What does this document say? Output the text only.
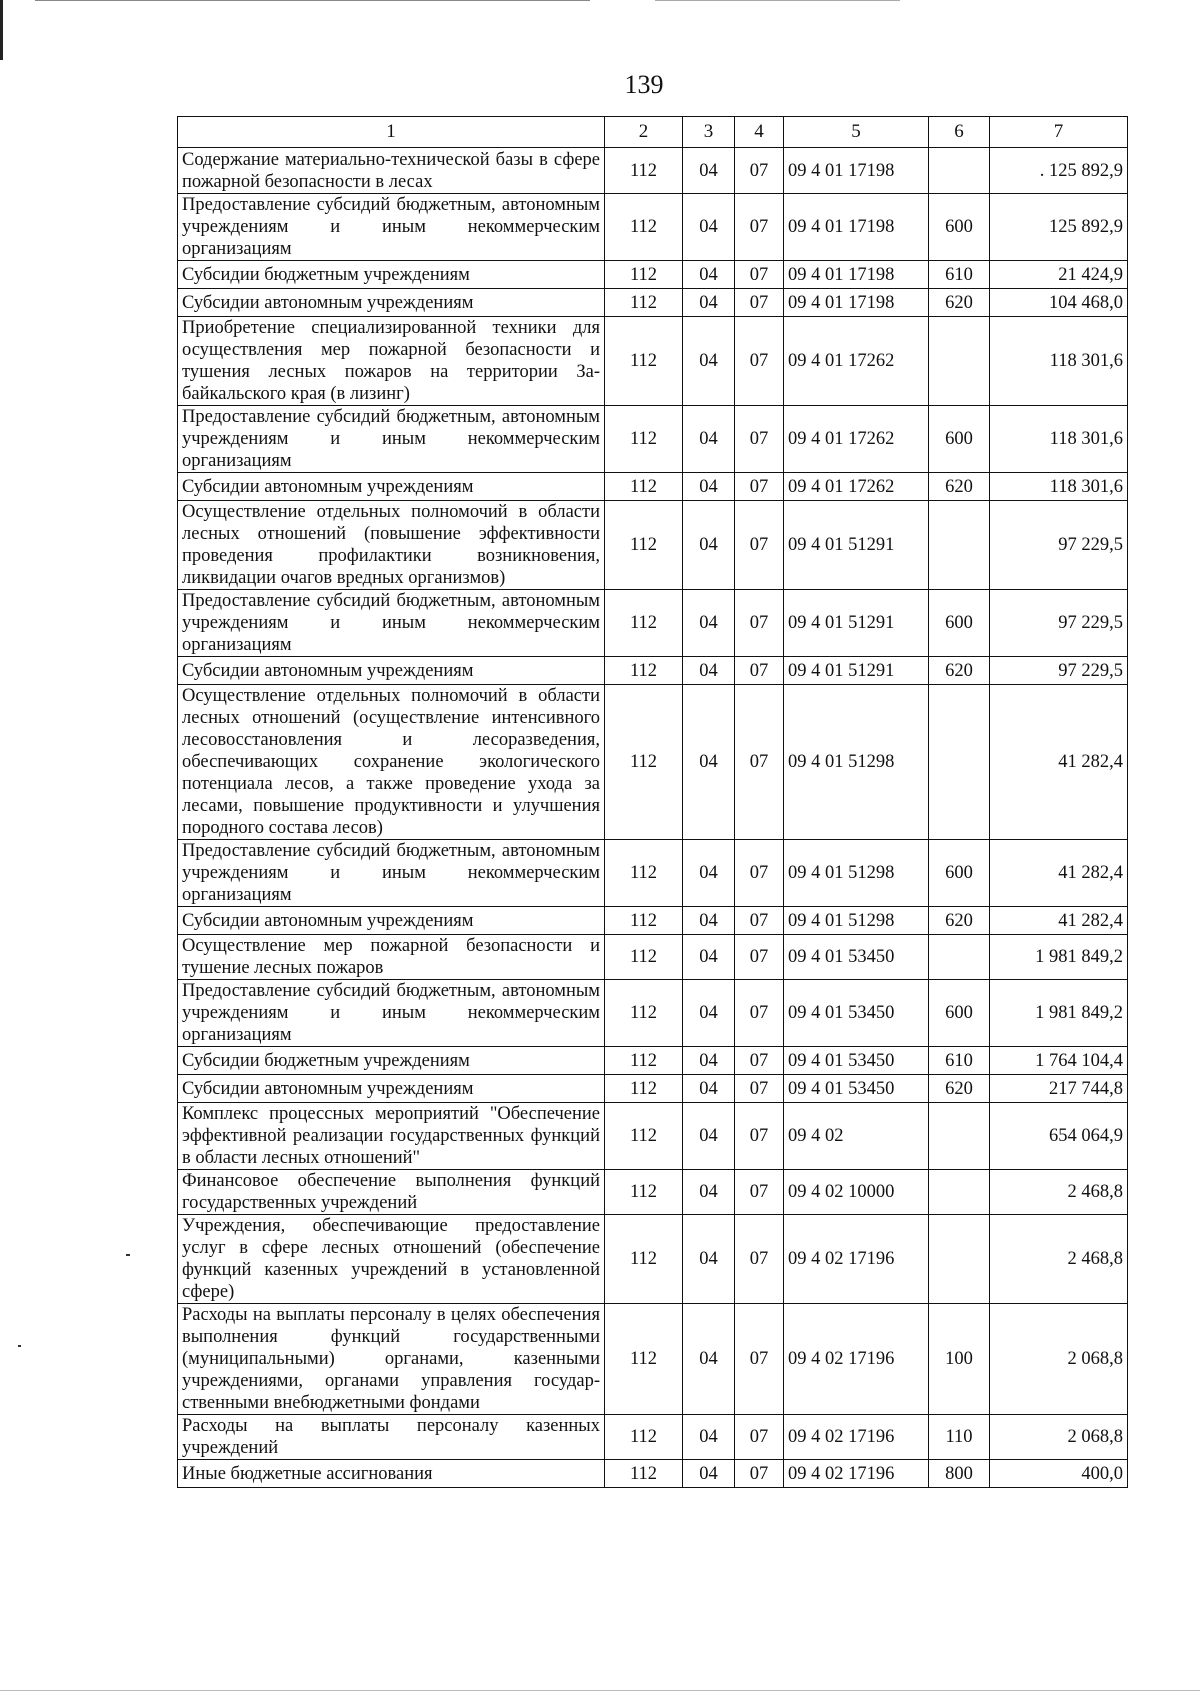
139
1	2	3	4	5	6	7
Содержание материально-технической базы в сфере пожарной безопасности в лесах	112	04	07	09 4 01 17198		. 125 892,9
Предоставление субсидий бюджетным, автономным учреждениям и иным некоммерческим организациям	112	04	07	09 4 01 17198	600	125 892,9
Субсидии бюджетным учреждениям	112	04	07	09 4 01 17198	610	21 424,9
Субсидии автономным учреждениям	112	04	07	09 4 01 17198	620	104 468,0
Приобретение специализированной техники для осуществления мер пожарной безопасности и тушения лесных пожаров на территории Забайкальского края (в лизинг)	112	04	07	09 4 01 17262		118 301,6
Предоставление субсидий бюджетным, автономным учреждениям и иным некоммерческим организациям	112	04	07	09 4 01 17262	600	118 301,6
Субсидии автономным учреждениям	112	04	07	09 4 01 17262	620	118 301,6
Осуществление отдельных полномочий в области лесных отношений (повышение эффективности проведения профилактики возникновения, ликвидации очагов вредных организмов)	112	04	07	09 4 01 51291		97 229,5
Предоставление субсидий бюджетным, автономным учреждениям и иным некоммерческим организациям	112	04	07	09 4 01 51291	600	97 229,5
Субсидии автономным учреждениям	112	04	07	09 4 01 51291	620	97 229,5
Осуществление отдельных полномочий в области лесных отношений (осуществление интенсивного лесовосстановления и лесоразведения, обеспечивающих сохранение экологического потенциала лесов, а также проведение ухода за лесами, повышение продуктивности и улучшения породного состава лесов)	112	04	07	09 4 01 51298		41 282,4
Предоставление субсидий бюджетным, автономным учреждениям и иным некоммерческим организациям	112	04	07	09 4 01 51298	600	41 282,4
Субсидии автономным учреждениям	112	04	07	09 4 01 51298	620	41 282,4
Осуществление мер пожарной безопасности и тушение лесных пожаров	112	04	07	09 4 01 53450		1 981 849,2
Предоставление субсидий бюджетным, автономным учреждениям и иным некоммерческим организациям	112	04	07	09 4 01 53450	600	1 981 849,2
Субсидии бюджетным учреждениям	112	04	07	09 4 01 53450	610	1 764 104,4
Субсидии автономным учреждениям	112	04	07	09 4 01 53450	620	217 744,8
Комплекс процессных мероприятий "Обеспечение эффективной реализации государственных функций в области лесных отношений"	112	04	07	09 4 02		654 064,9
Финансовое обеспечение выполнения функций государственных учреждений	112	04	07	09 4 02 10000		2 468,8
Учреждения, обеспечивающие предоставление услуг в сфере лесных отношений (обеспечение функций казенных учреждений в установленной сфере)	112	04	07	09 4 02 17196		2 468,8
Расходы на выплаты персоналу в целях обеспечения выполнения функций государственными (муниципальными) органами, казенными учреждениями, органами управления государственными внебюджетными фондами	112	04	07	09 4 02 17196	100	2 068,8
Расходы на выплаты персоналу казенных учреждений	112	04	07	09 4 02 17196	110	2 068,8
Иные бюджетные ассигнования	112	04	07	09 4 02 17196	800	400,0
